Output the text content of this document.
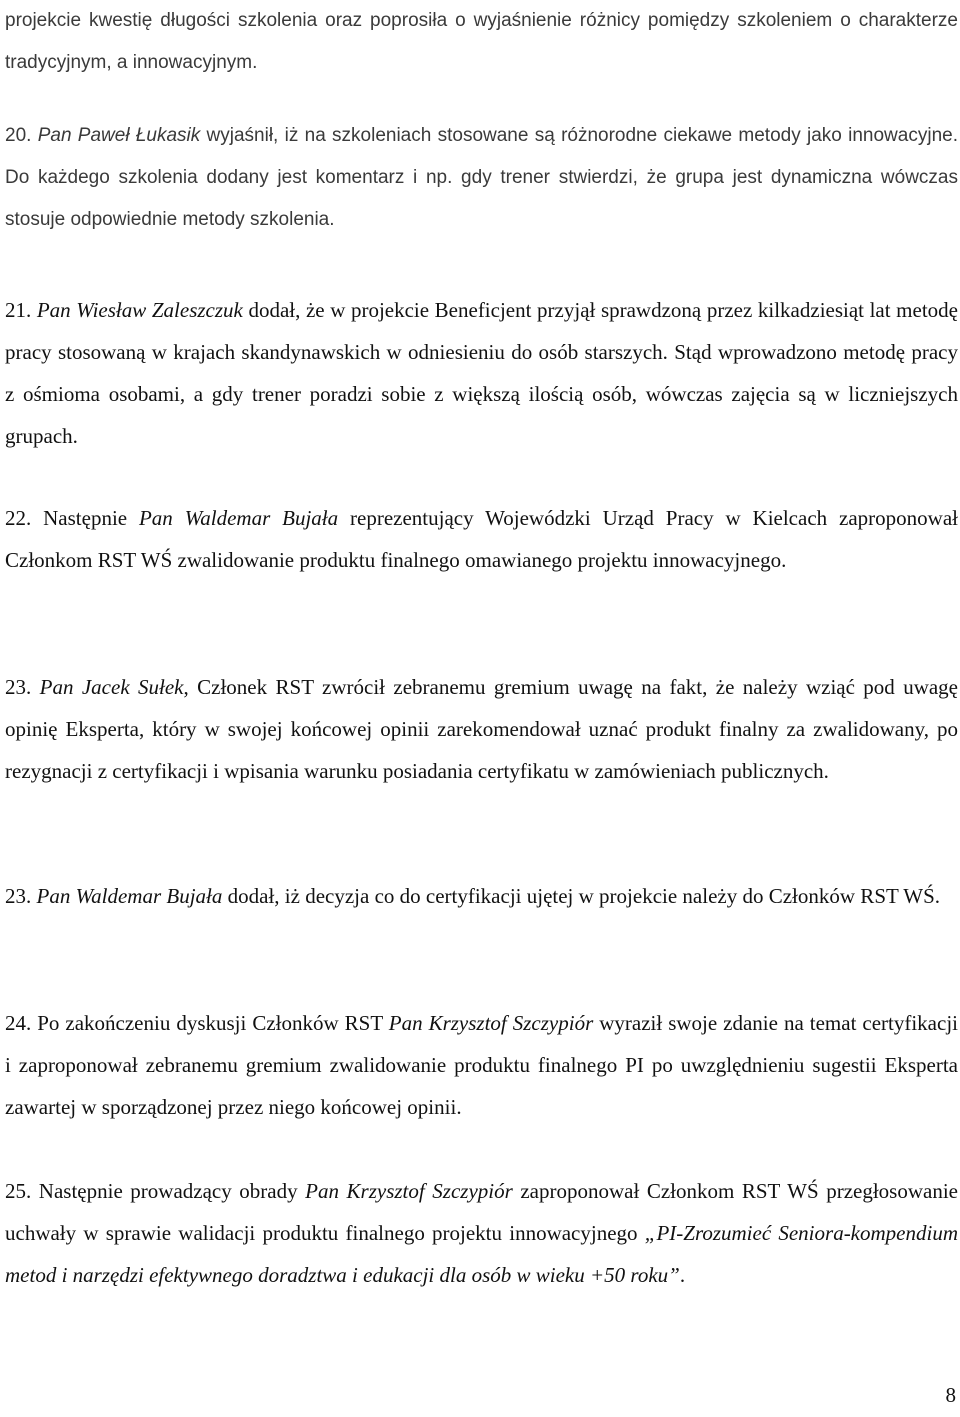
projekcie kwestię długości szkolenia oraz poprosiła o wyjaśnienie różnicy pomiędzy szkoleniem o charakterze tradycyjnym, a innowacyjnym.

20. Pan Paweł Łukasik wyjaśnił, iż na szkoleniach stosowane są różnorodne ciekawe metody jako innowacyjne. Do każdego szkolenia dodany jest komentarz i np. gdy trener stwierdzi, że grupa jest dynamiczna wówczas stosuje odpowiednie metody szkolenia.

21. Pan Wiesław Zaleszczuk dodał, że w projekcie Beneficjent przyjął sprawdzoną przez kilkadziesiąt lat metodę pracy stosowaną w krajach skandynawskich w odniesieniu do osób starszych. Stąd wprowadzono metodę pracy z ośmioma osobami, a gdy trener poradzi sobie z większą ilością osób, wówczas zajęcia są w liczniejszych grupach.

22. Następnie Pan Waldemar Bujała reprezentujący Wojewódzki Urząd Pracy w Kielcach zaproponował Członkom RST WŚ zwalidowanie produktu finalnego omawianego projektu innowacyjnego.

23. Pan Jacek Sułek, Członek RST zwrócił zebranemu gremium uwagę na fakt, że należy wziąć pod uwagę opinię Eksperta, który w swojej końcowej opinii zarekomendował uznać produkt finalny za zwalidowany, po rezygnacji z certyfikacji i wpisania warunku posiadania certyfikatu w zamówieniach publicznych.

23. Pan Waldemar Bujała dodał, iż decyzja co do certyfikacji ujętej w projekcie należy do Członków RST WŚ.

24. Po zakończeniu dyskusji Członków RST Pan Krzysztof Szczypiór wyraził swoje zdanie na temat certyfikacji i zaproponował zebranemu gremium zwalidowanie produktu finalnego PI po uwzględnieniu sugestii Eksperta zawartej w sporządzonej przez niego końcowej opinii.

25. Następnie prowadzący obrady Pan Krzysztof Szczypiór zaproponował Członkom RST WŚ przegłosowanie uchwały w sprawie walidacji produktu finalnego projektu innowacyjnego „PI-Zrozumieć Seniora-kompendium metod i narzędzi efektywnego doradztwa i edukacji dla osób w wieku +50 roku”.

8
